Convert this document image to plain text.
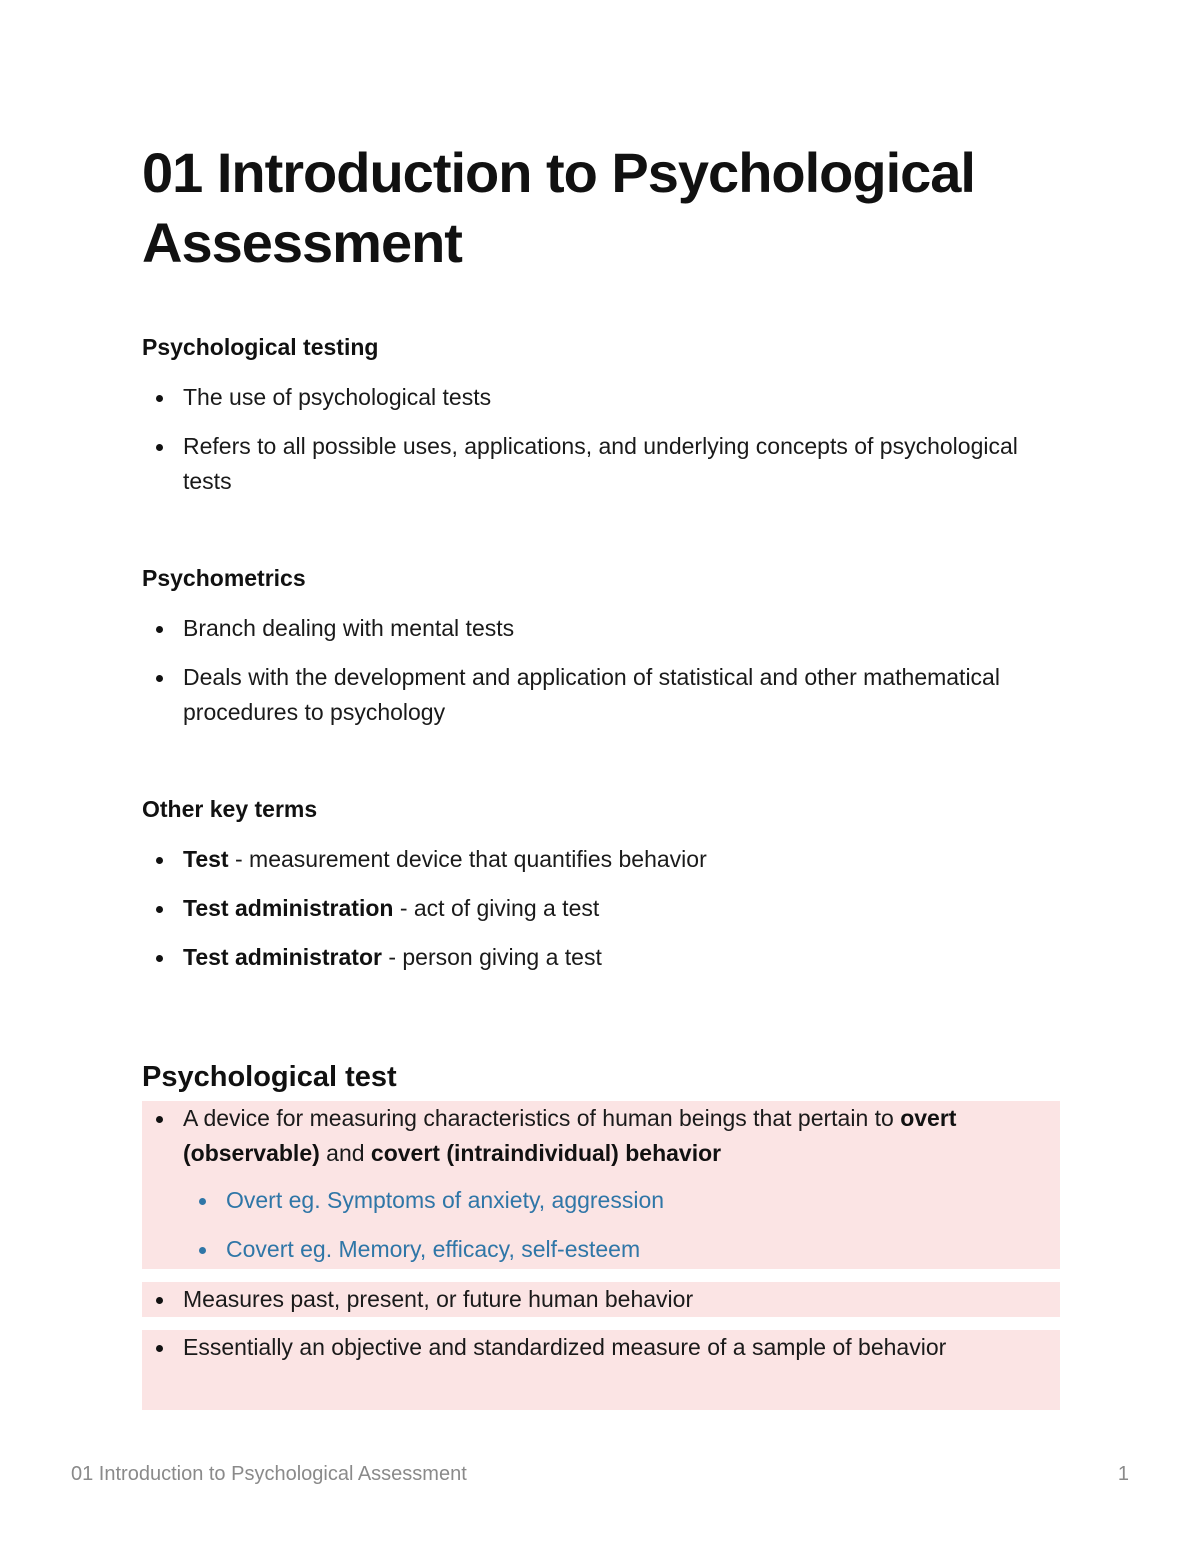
01 Introduction to Psychological Assessment

Psychological testing

The use of psychological tests
Refers to all possible uses, applications, and underlying concepts of psychological tests

Psychometrics

Branch dealing with mental tests
Deals with the development and application of statistical and other mathematical procedures to psychology

Other key terms

Test - measurement device that quantifies behavior
Test administration - act of giving a test
Test administrator - person giving a test
Psychological test
A device for measuring characteristics of human beings that pertain to overt (observable) and covert (intraindividual) behavior
Overt eg. Symptoms of anxiety, aggression
Covert eg. Memory, efficacy, self-esteem
Measures past, present, or future human behavior
Essentially an objective and standardized measure of a sample of behavior
01 Introduction to Psychological Assessment	1
